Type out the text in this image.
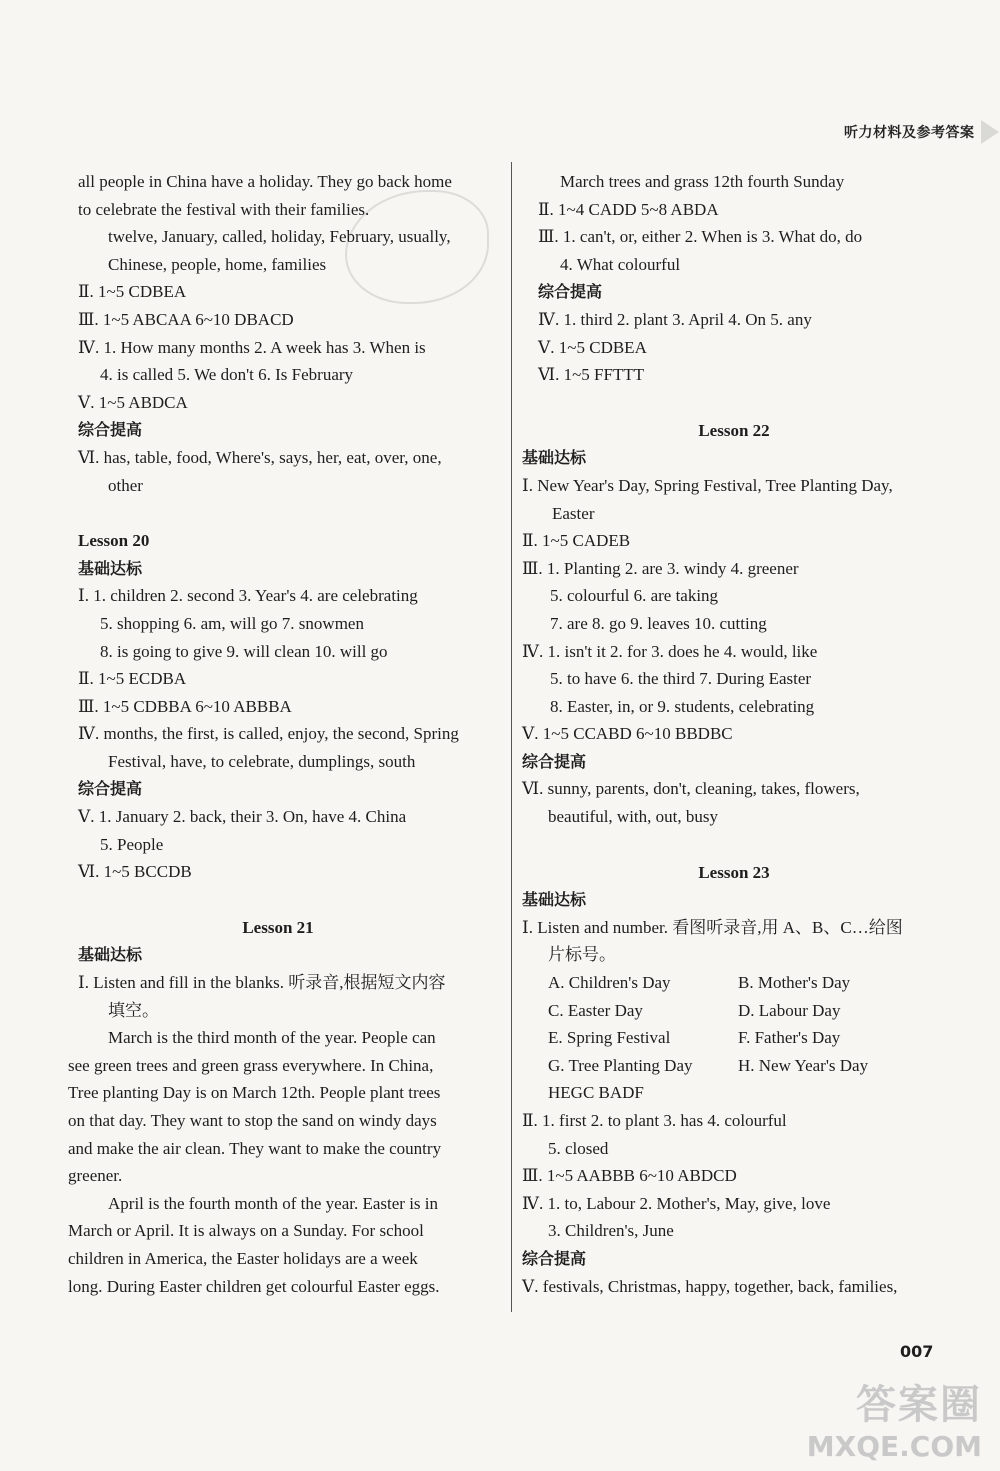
听力材料及参考答案
all people in China have a holiday. They go back home
to celebrate the festival with their families.
twelve, January, called, holiday, February, usually,
Chinese, people, home, families
Ⅱ. 1~5 CDBEA
Ⅲ. 1~5 ABCAA 6~10 DBACD
Ⅳ. 1. How many months 2. A week has 3. When is
4. is called 5. We don't 6. Is February
Ⅴ. 1~5 ABDCA
综合提高
Ⅵ. has, table, food, Where's, says, her, eat, over, one,
other
Lesson 20
基础达标
Ⅰ. 1. children 2. second 3. Year's 4. are celebrating
5. shopping 6. am, will go 7. snowmen
8. is going to give 9. will clean 10. will go
Ⅱ. 1~5 ECDBA
Ⅲ. 1~5 CDBBA 6~10 ABBBA
Ⅳ. months, the first, is called, enjoy, the second, Spring
Festival, have, to celebrate, dumplings, south
综合提高
Ⅴ. 1. January 2. back, their 3. On, have 4. China
5. People
Ⅵ. 1~5 BCCDB
Lesson 21
基础达标
Ⅰ. Listen and fill in the blanks. 听录音,根据短文内容
填空。
March is the third month of the year. People can
see green trees and green grass everywhere. In China,
Tree planting Day is on March 12th. People plant trees
on that day. They want to stop the sand on windy days
and make the air clean. They want to make the country
greener.
April is the fourth month of the year. Easter is in
March or April. It is always on a Sunday. For school
children in America, the Easter holidays are a week
long. During Easter children get colourful Easter eggs.
March trees and grass 12th fourth Sunday
Ⅱ. 1~4 CADD 5~8 ABDA
Ⅲ. 1. can't, or, either 2. When is 3. What do, do
4. What colourful
综合提高
Ⅳ. 1. third 2. plant 3. April 4. On 5. any
Ⅴ. 1~5 CDBEA
Ⅵ. 1~5 FFTTT
Lesson 22
基础达标
Ⅰ. New Year's Day, Spring Festival, Tree Planting Day,
Easter
Ⅱ. 1~5 CADEB
Ⅲ. 1. Planting 2. are 3. windy 4. greener
5. colourful 6. are taking
7. are 8. go 9. leaves 10. cutting
Ⅳ. 1. isn't it 2. for 3. does he 4. would, like
5. to have 6. the third 7. During Easter
8. Easter, in, or 9. students, celebrating
Ⅴ. 1~5 CCABD 6~10 BBDBC
综合提高
Ⅵ. sunny, parents, don't, cleaning, takes, flowers,
beautiful, with, out, busy
Lesson 23
基础达标
Ⅰ. Listen and number. 看图听录音,用 A、B、C…给图
片标号。
A. Children's Day	B. Mother's Day
C. Easter Day	D. Labour Day
E. Spring Festival	F. Father's Day
G. Tree Planting Day	H. New Year's Day
HEGC BADF
Ⅱ. 1. first 2. to plant 3. has 4. colourful
5. closed
Ⅲ. 1~5 AABBB 6~10 ABDCD
Ⅳ. 1. to, Labour 2. Mother's, May, give, love
3. Children's, June
综合提高
Ⅴ. festivals, Christmas, happy, together, back, families,
007
答案圈
MXQE.COM
